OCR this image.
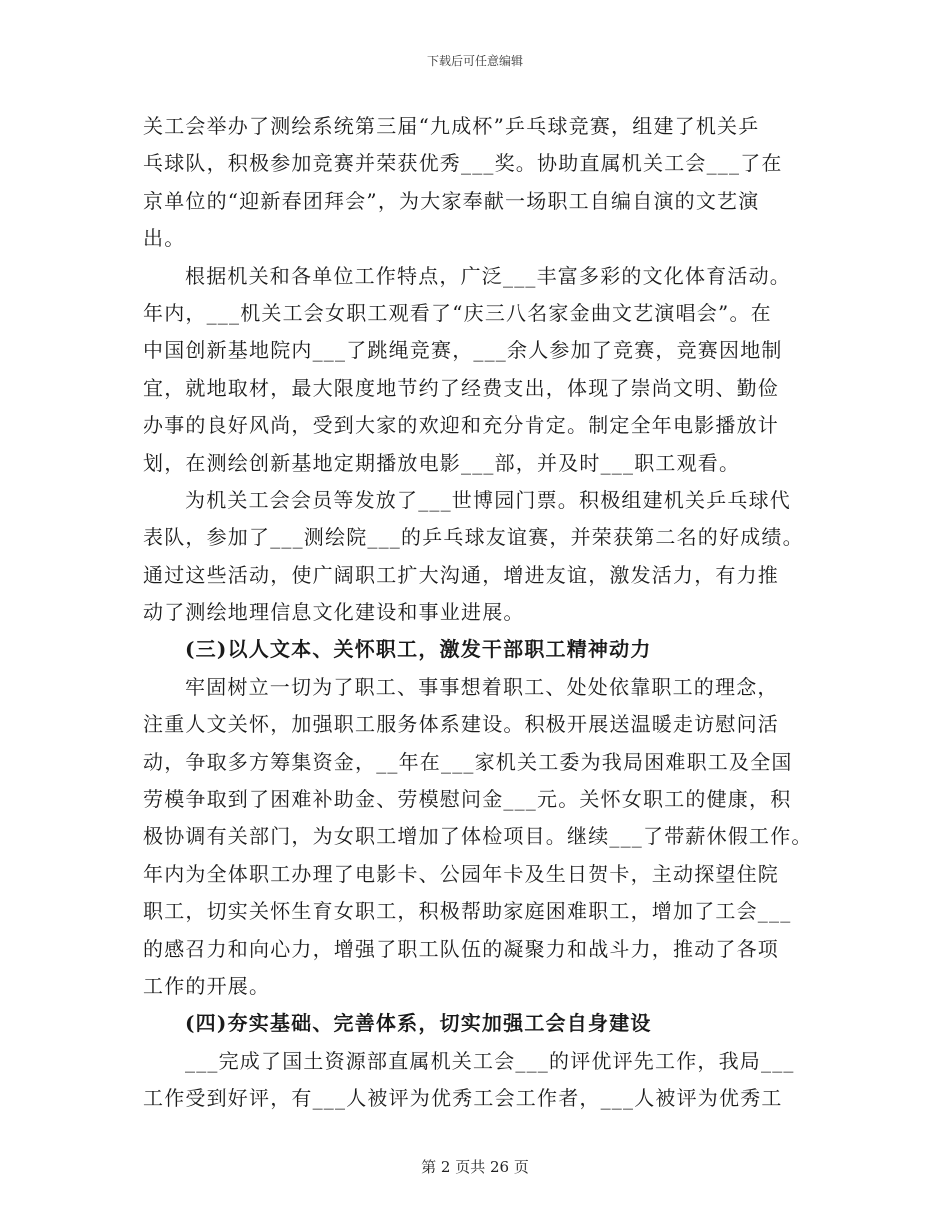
下载后可任意编辑
关工会举办了测绘系统第三届“九成杯”乒乓球竞赛，组建了机关乒
乓球队，积极参加竞赛并荣获优秀___奖。协助直属机关工会___了在
京单位的“迎新春团拜会”，为大家奉献一场职工自编自演的文艺演
出。
根据机关和各单位工作特点，广泛___丰富多彩的文化体育活动。
年内，___机关工会女职工观看了“庆三八名家金曲文艺演唱会”。在
中国创新基地院内___了跳绳竞赛，___余人参加了竞赛，竞赛因地制
宜，就地取材，最大限度地节约了经费支出，体现了崇尚文明、勤俭
办事的良好风尚，受到大家的欢迎和充分肯定。制定全年电影播放计
划，在测绘创新基地定期播放电影___部，并及时___职工观看。
为机关工会会员等发放了___世博园门票。积极组建机关乒乓球代
表队，参加了___测绘院___的乒乓球友谊赛，并荣获第二名的好成绩。
通过这些活动，使广阔职工扩大沟通，增进友谊，激发活力，有力推
动了测绘地理信息文化建设和事业进展。
(三)以人文本、关怀职工，激发干部职工精神动力
牢固树立一切为了职工、事事想着职工、处处依靠职工的理念，
注重人文关怀，加强职工服务体系建设。积极开展送温暖走访慰问活
动，争取多方筹集资金，__年在___家机关工委为我局困难职工及全国
劳模争取到了困难补助金、劳模慰问金___元。关怀女职工的健康，积
极协调有关部门，为女职工增加了体检项目。继续___了带薪休假工作。
年内为全体职工办理了电影卡、公园年卡及生日贺卡，主动探望住院
职工，切实关怀生育女职工，积极帮助家庭困难职工，增加了工会___
的感召力和向心力，增强了职工队伍的凝聚力和战斗力，推动了各项
工作的开展。
(四)夯实基础、完善体系，切实加强工会自身建设
___完成了国土资源部直属机关工会___的评优评先工作，我局___
工作受到好评，有___人被评为优秀工会工作者，___人被评为优秀工
第 2 页共 26 页
